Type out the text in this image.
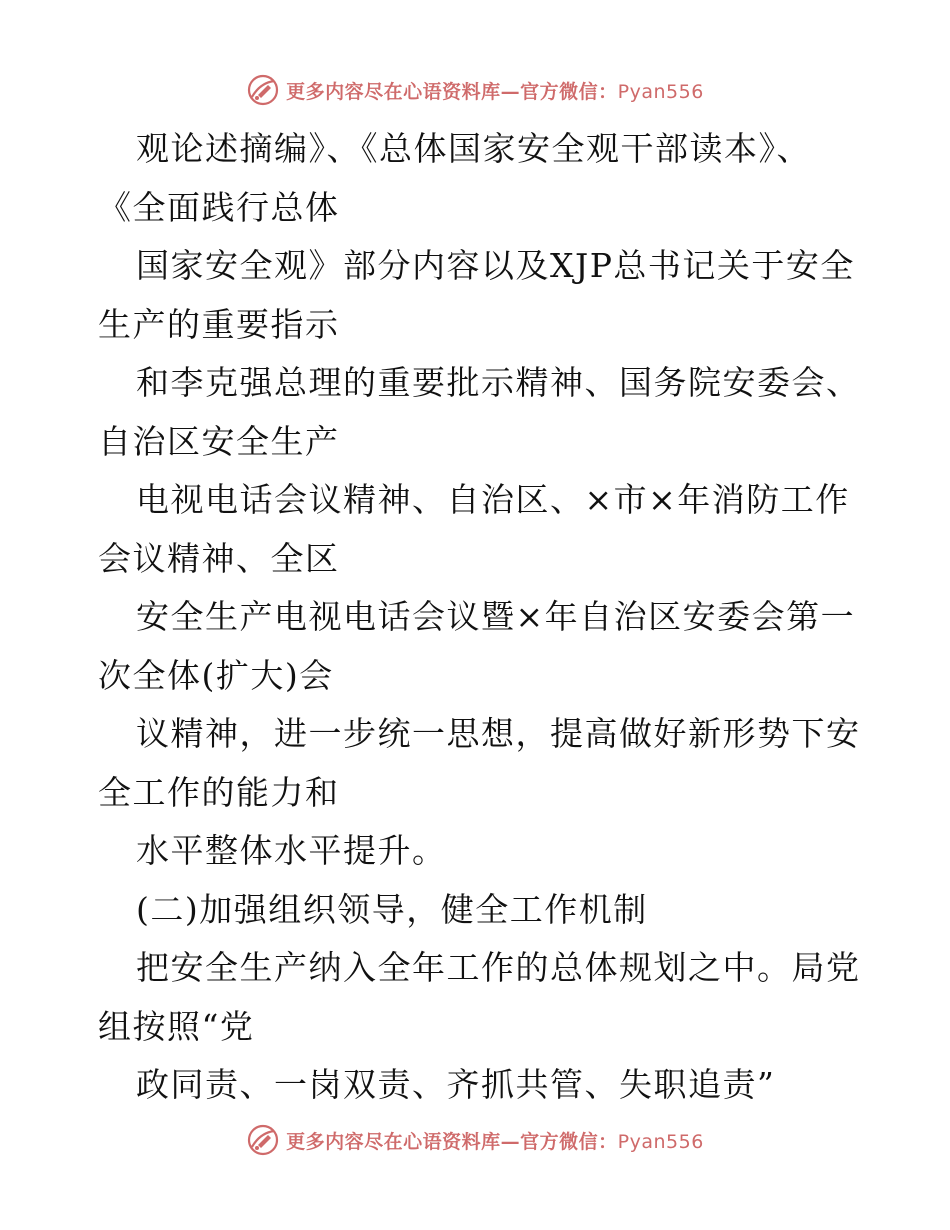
更多内容尽在心语资料库—官方微信：Pyan556
观论述摘编》、《总体国家安全观干部读本》、
《全面践行总体
国家安全观》部分内容以及XJP总书记关于安全
生产的重要指示
和李克强总理的重要批示精神、国务院安委会、
自治区安全生产
电视电话会议精神、自治区、×市×年消防工作
会议精神、全区
安全生产电视电话会议暨×年自治区安委会第一
次全体(扩大)会
议精神，进一步统一思想，提高做好新形势下安
全工作的能力和
水平整体水平提升。
(二)加强组织领导，健全工作机制
把安全生产纳入全年工作的总体规划之中。局党
组按照“党
政同责、一岗双责、齐抓共管、失职追责”
更多内容尽在心语资料库—官方微信：Pyan556
